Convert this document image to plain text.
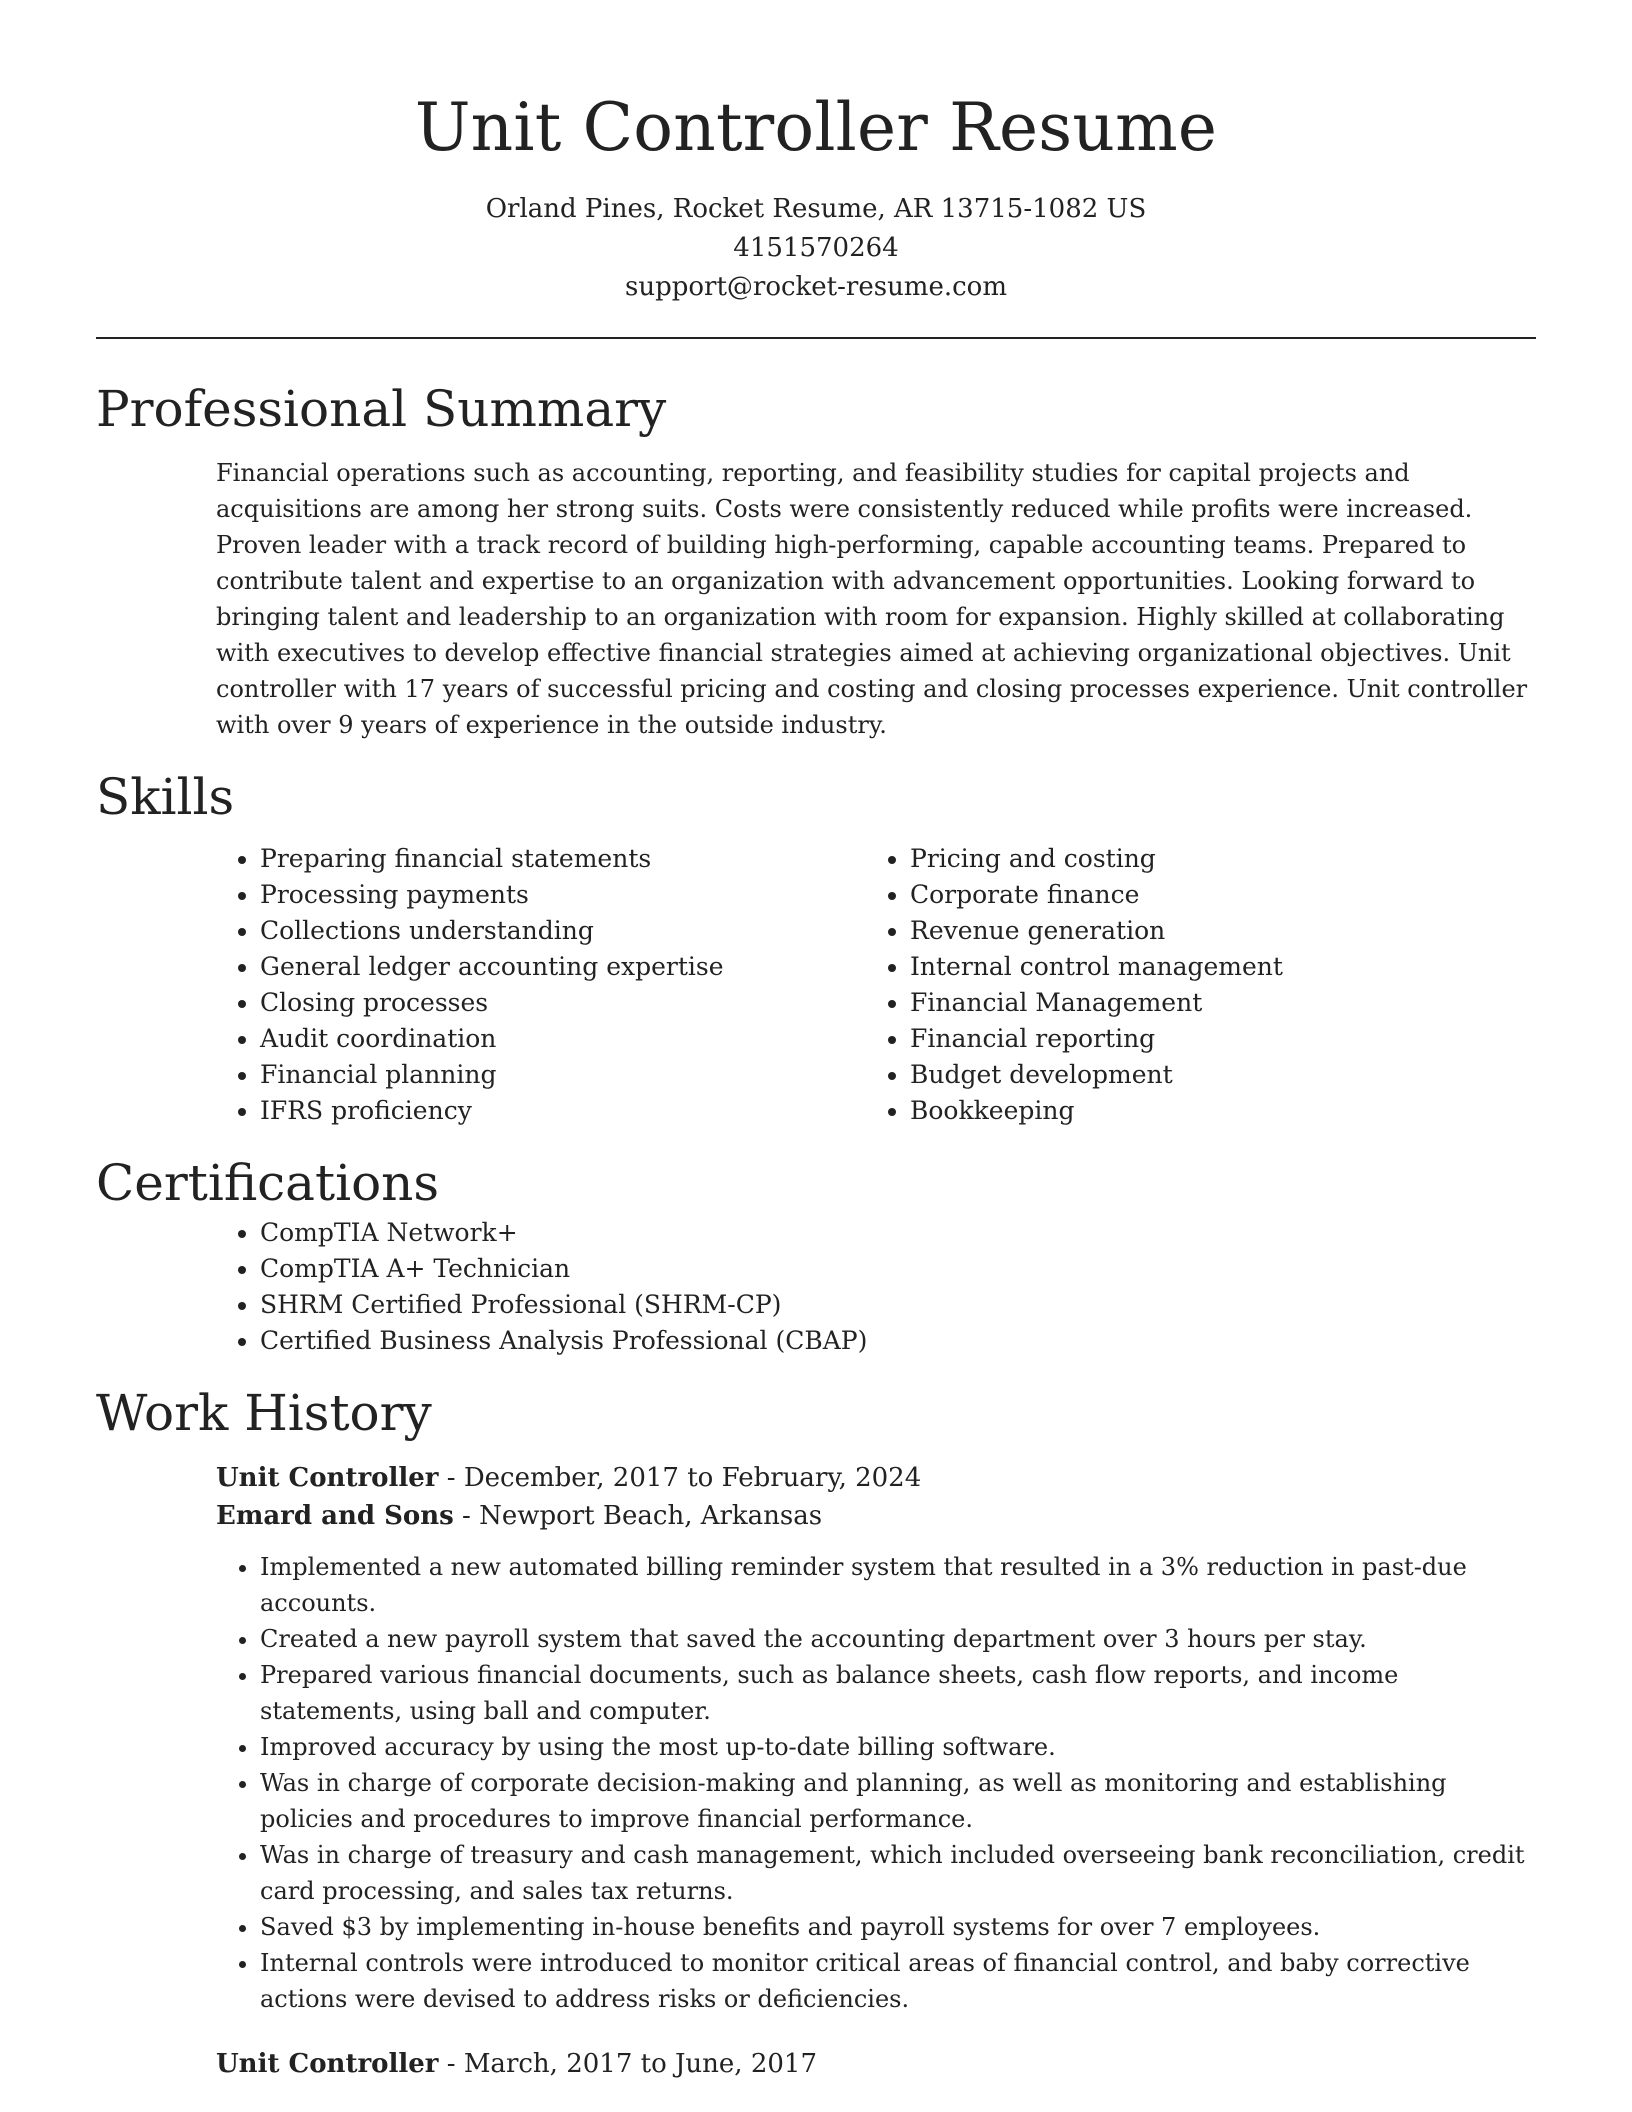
Unit Controller Resume
Orland Pines, Rocket Resume, AR 13715-1082 US
4151570264
support@rocket-resume.com
Professional Summary

Financial operations such as accounting, reporting, and feasibility studies for capital projects and acquisitions are among her strong suits. Costs were consistently reduced while profits were increased. Proven leader with a track record of building high-performing, capable accounting teams. Prepared to contribute talent and expertise to an organization with advancement opportunities. Looking forward to bringing talent and leadership to an organization with room for expansion. Highly skilled at collaborating with executives to develop effective financial strategies aimed at achieving organizational objectives. Unit controller with 17 years of successful pricing and costing and closing processes experience. Unit controller with over 9 years of experience in the outside industry.

Skills
• Preparing financial statements
• Processing payments
• Collections understanding
• General ledger accounting expertise
• Closing processes
• Audit coordination
• Financial planning
• IFRS proficiency
• Pricing and costing
• Corporate finance
• Revenue generation
• Internal control management
• Financial Management
• Financial reporting
• Budget development
• Bookkeeping
Certifications
• CompTIA Network+
• CompTIA A+ Technician
• SHRM Certified Professional (SHRM-CP)
• Certified Business Analysis Professional (CBAP)
Work History
Unit Controller - December, 2017 to February, 2024
Emard and Sons - Newport Beach, Arkansas
• Implemented a new automated billing reminder system that resulted in a 3% reduction in past-due accounts.
• Created a new payroll system that saved the accounting department over 3 hours per stay.
• Prepared various financial documents, such as balance sheets, cash flow reports, and income statements, using ball and computer.
• Improved accuracy by using the most up-to-date billing software.
• Was in charge of corporate decision-making and planning, as well as monitoring and establishing policies and procedures to improve financial performance.
• Was in charge of treasury and cash management, which included overseeing bank reconciliation, credit card processing, and sales tax returns.
• Saved $3 by implementing in-house benefits and payroll systems for over 7 employees.
• Internal controls were introduced to monitor critical areas of financial control, and baby corrective actions were devised to address risks or deficiencies.
Unit Controller - March, 2017 to June, 2017
